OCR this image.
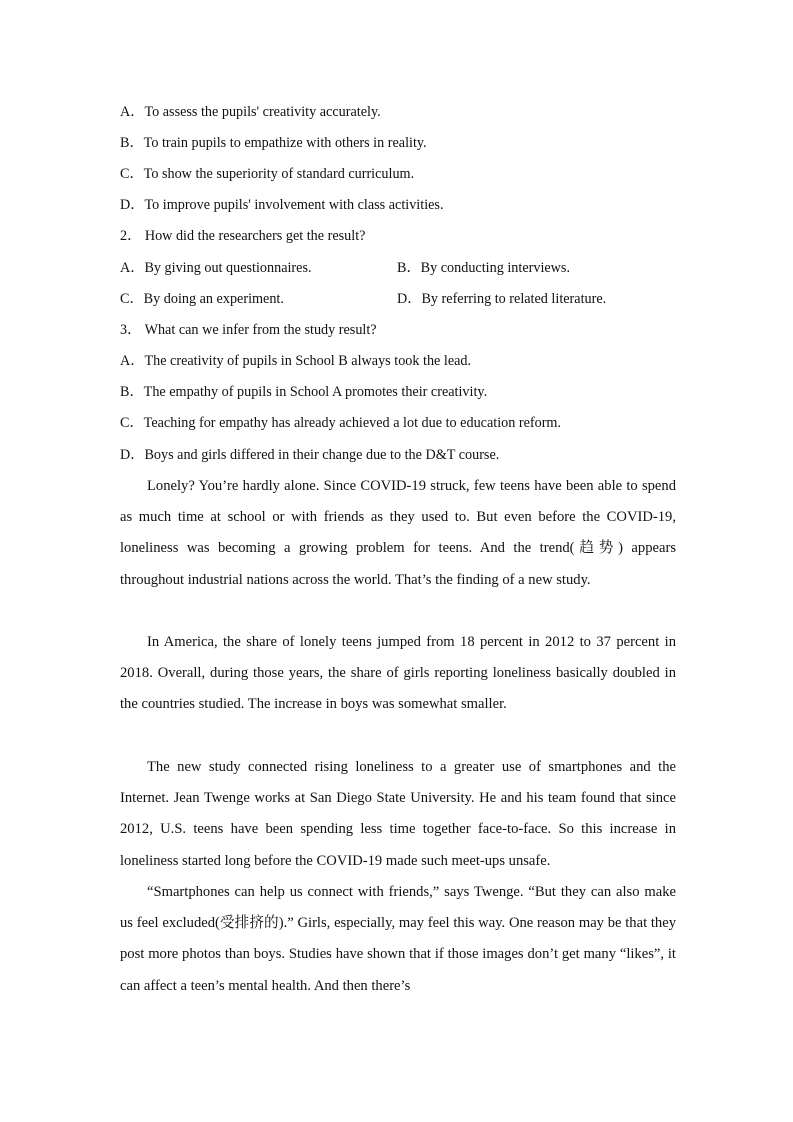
A．To assess the pupils' creativity accurately.
B．To train pupils to empathize with others in reality.
C．To show the superiority of standard curriculum.
D．To improve pupils' involvement with class activities.
2． How did the researchers get the result?
A．By giving out questionnaires.	B．By conducting interviews.
C．By doing an experiment.	D．By referring to related literature.
3． What can we infer from the study result?
A．The creativity of pupils in School B always took the lead.
B．The empathy of pupils in School A promotes their creativity.
C．Teaching for empathy has already achieved a lot due to education reform.
D．Boys and girls differed in their change due to the D&T course.

Lonely? You’re hardly alone. Since COVID-19 struck, few teens have been able to spend as much time at school or with friends as they used to. But even before the COVID-19, loneliness was becoming a growing problem for teens. And the trend(趋势) appears throughout industrial nations across the world. That’s the finding of a new study.

In America, the share of lonely teens jumped from 18 percent in 2012 to 37 percent in 2018. Overall, during those years, the share of girls reporting loneliness basically doubled in the countries studied. The increase in boys was somewhat smaller.

The new study connected rising loneliness to a greater use of smartphones and the Internet. Jean Twenge works at San Diego State University. He and his team found that since 2012, U.S. teens have been spending less time together face-to-face. So this increase in loneliness started long before the COVID-19 made such meet-ups unsafe.

“Smartphones can help us connect with friends,” says Twenge. “But they can also make us feel excluded(受排挤的).” Girls, especially, may feel this way. One reason may be that they post more photos than boys. Studies have shown that if those images don’t get many “likes”, it can affect a teen’s mental health. And then there’s
